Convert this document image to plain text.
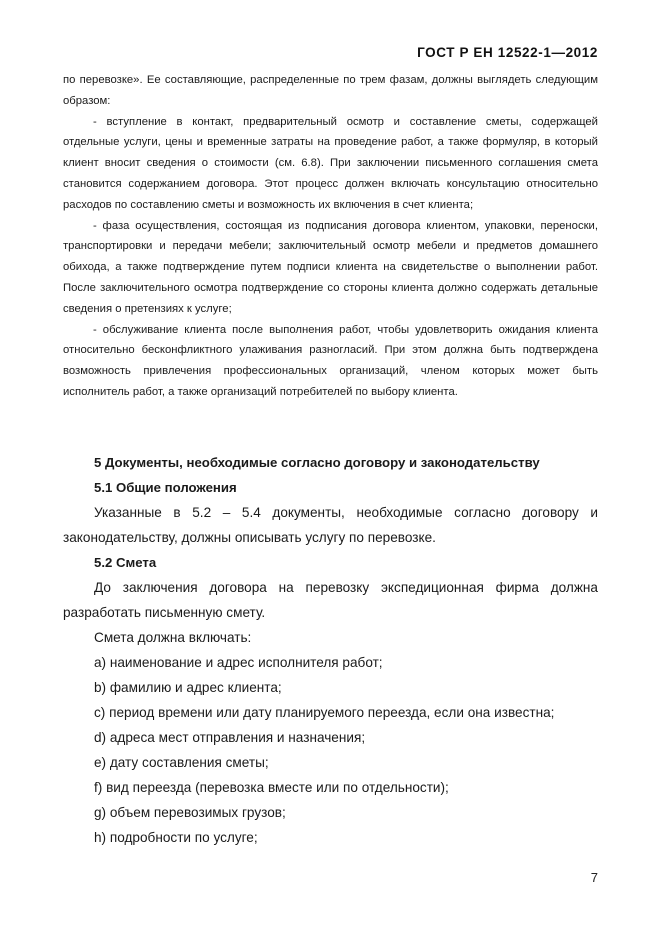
ГОСТ Р ЕН 12522-1—2012

по перевозке». Ее составляющие, распределенные по трем фазам, должны выглядеть следующим образом:

- вступление в контакт, предварительный осмотр и составление сметы, содержащей отдельные услуги, цены и временные затраты на проведение работ, а также формуляр, в который клиент вносит сведения о стоимости (см. 6.8). При заключении письменного соглашения смета становится содержанием договора. Этот процесс должен включать консультацию относительно расходов по составлению сметы и возможность их включения в счет клиента;

- фаза осуществления, состоящая из подписания договора клиентом, упаковки, переноски, транспортировки и передачи мебели; заключительный осмотр мебели и предметов домашнего обихода, а также подтверждение путем подписи клиента на свидетельстве о выполнении работ. После заключительного осмотра подтверждение со стороны клиента должно содержать детальные сведения о претензиях к услуге;

- обслуживание клиента после выполнения работ, чтобы удовлетворить ожидания клиента относительно бесконфликтного улаживания разногласий. При этом должна быть подтверждена возможность привлечения профессиональных организаций, членом которых может быть исполнитель работ, а также организаций потребителей по выбору клиента.

5 Документы, необходимые согласно договору и законодательству

5.1 Общие положения

Указанные в 5.2 – 5.4 документы, необходимые согласно договору и законодательству, должны описывать услугу по перевозке.

5.2 Смета

До заключения договора на перевозку экспедиционная фирма должна разработать письменную смету.

Смета должна включать:

a) наименование и адрес исполнителя работ;

b) фамилию и адрес клиента;

c) период времени или дату планируемого переезда, если она известна;

d) адреса мест отправления и назначения;

e) дату составления сметы;

f) вид переезда (перевозка вместе или по отдельности);

g) объем перевозимых грузов;

h) подробности по услуге;

7
